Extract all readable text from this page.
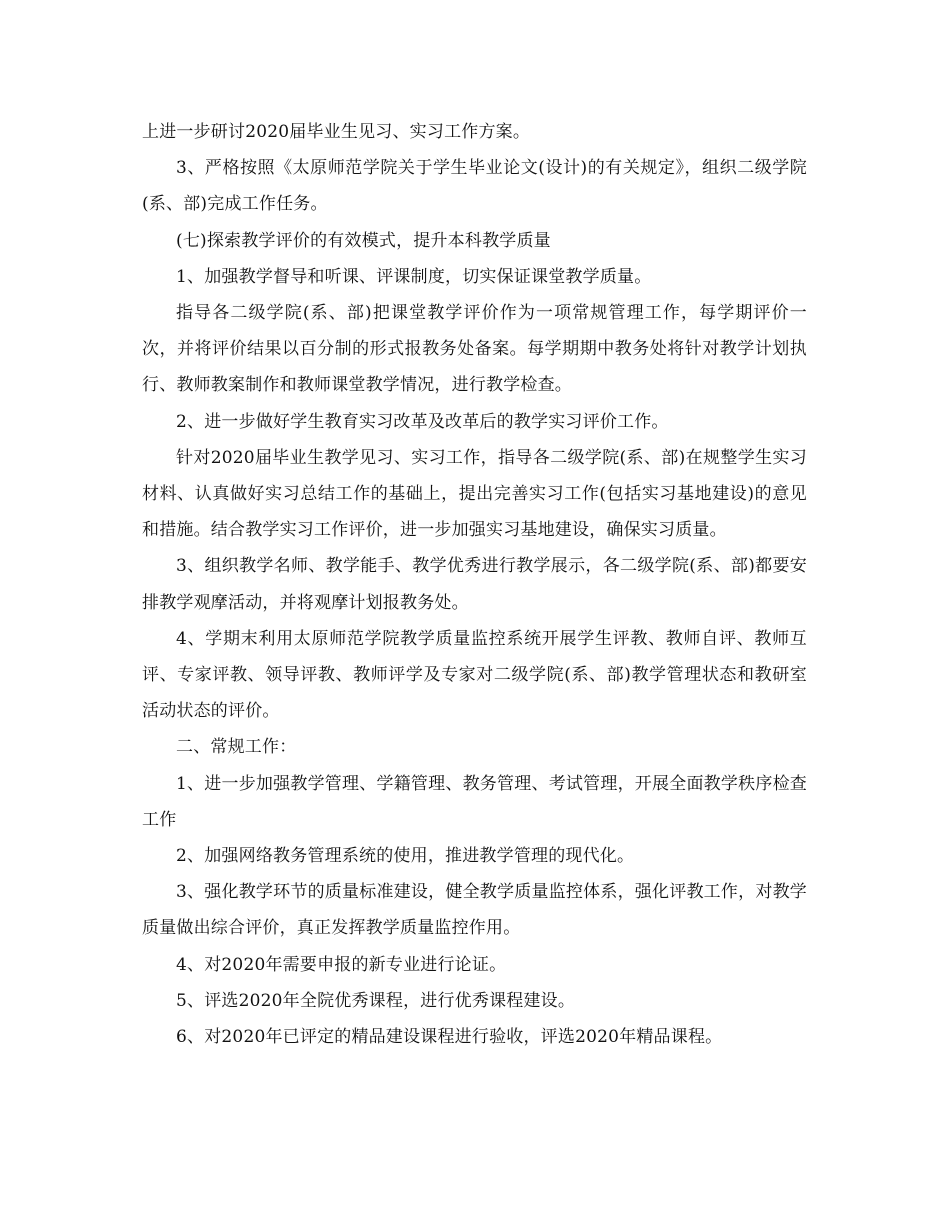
上进一步研讨2020届毕业生见习、实习工作方案。

3、严格按照《太原师范学院关于学生毕业论文(设计)的有关规定》，组织二级学院(系、部)完成工作任务。

(七)探索教学评价的有效模式，提升本科教学质量

1、加强教学督导和听课、评课制度，切实保证课堂教学质量。

指导各二级学院(系、部)把课堂教学评价作为一项常规管理工作，每学期评价一次，并将评价结果以百分制的形式报教务处备案。每学期期中教务处将针对教学计划执行、教师教案制作和教师课堂教学情况，进行教学检查。

2、进一步做好学生教育实习改革及改革后的教学实习评价工作。

针对2020届毕业生教学见习、实习工作，指导各二级学院(系、部)在规整学生实习材料、认真做好实习总结工作的基础上，提出完善实习工作(包括实习基地建设)的意见和措施。结合教学实习工作评价，进一步加强实习基地建设，确保实习质量。

3、组织教学名师、教学能手、教学优秀进行教学展示，各二级学院(系、部)都要安排教学观摩活动，并将观摩计划报教务处。

4、学期末利用太原师范学院教学质量监控系统开展学生评教、教师自评、教师互评、专家评教、领导评教、教师评学及专家对二级学院(系、部)教学管理状态和教研室活动状态的评价。

二、常规工作：

1、进一步加强教学管理、学籍管理、教务管理、考试管理，开展全面教学秩序检查工作

2、加强网络教务管理系统的使用，推进教学管理的现代化。

3、强化教学环节的质量标准建设，健全教学质量监控体系，强化评教工作，对教学质量做出综合评价，真正发挥教学质量监控作用。

4、对2020年需要申报的新专业进行论证。

5、评选2020年全院优秀课程，进行优秀课程建设。

6、对2020年已评定的精品建设课程进行验收，评选2020年精品课程。
